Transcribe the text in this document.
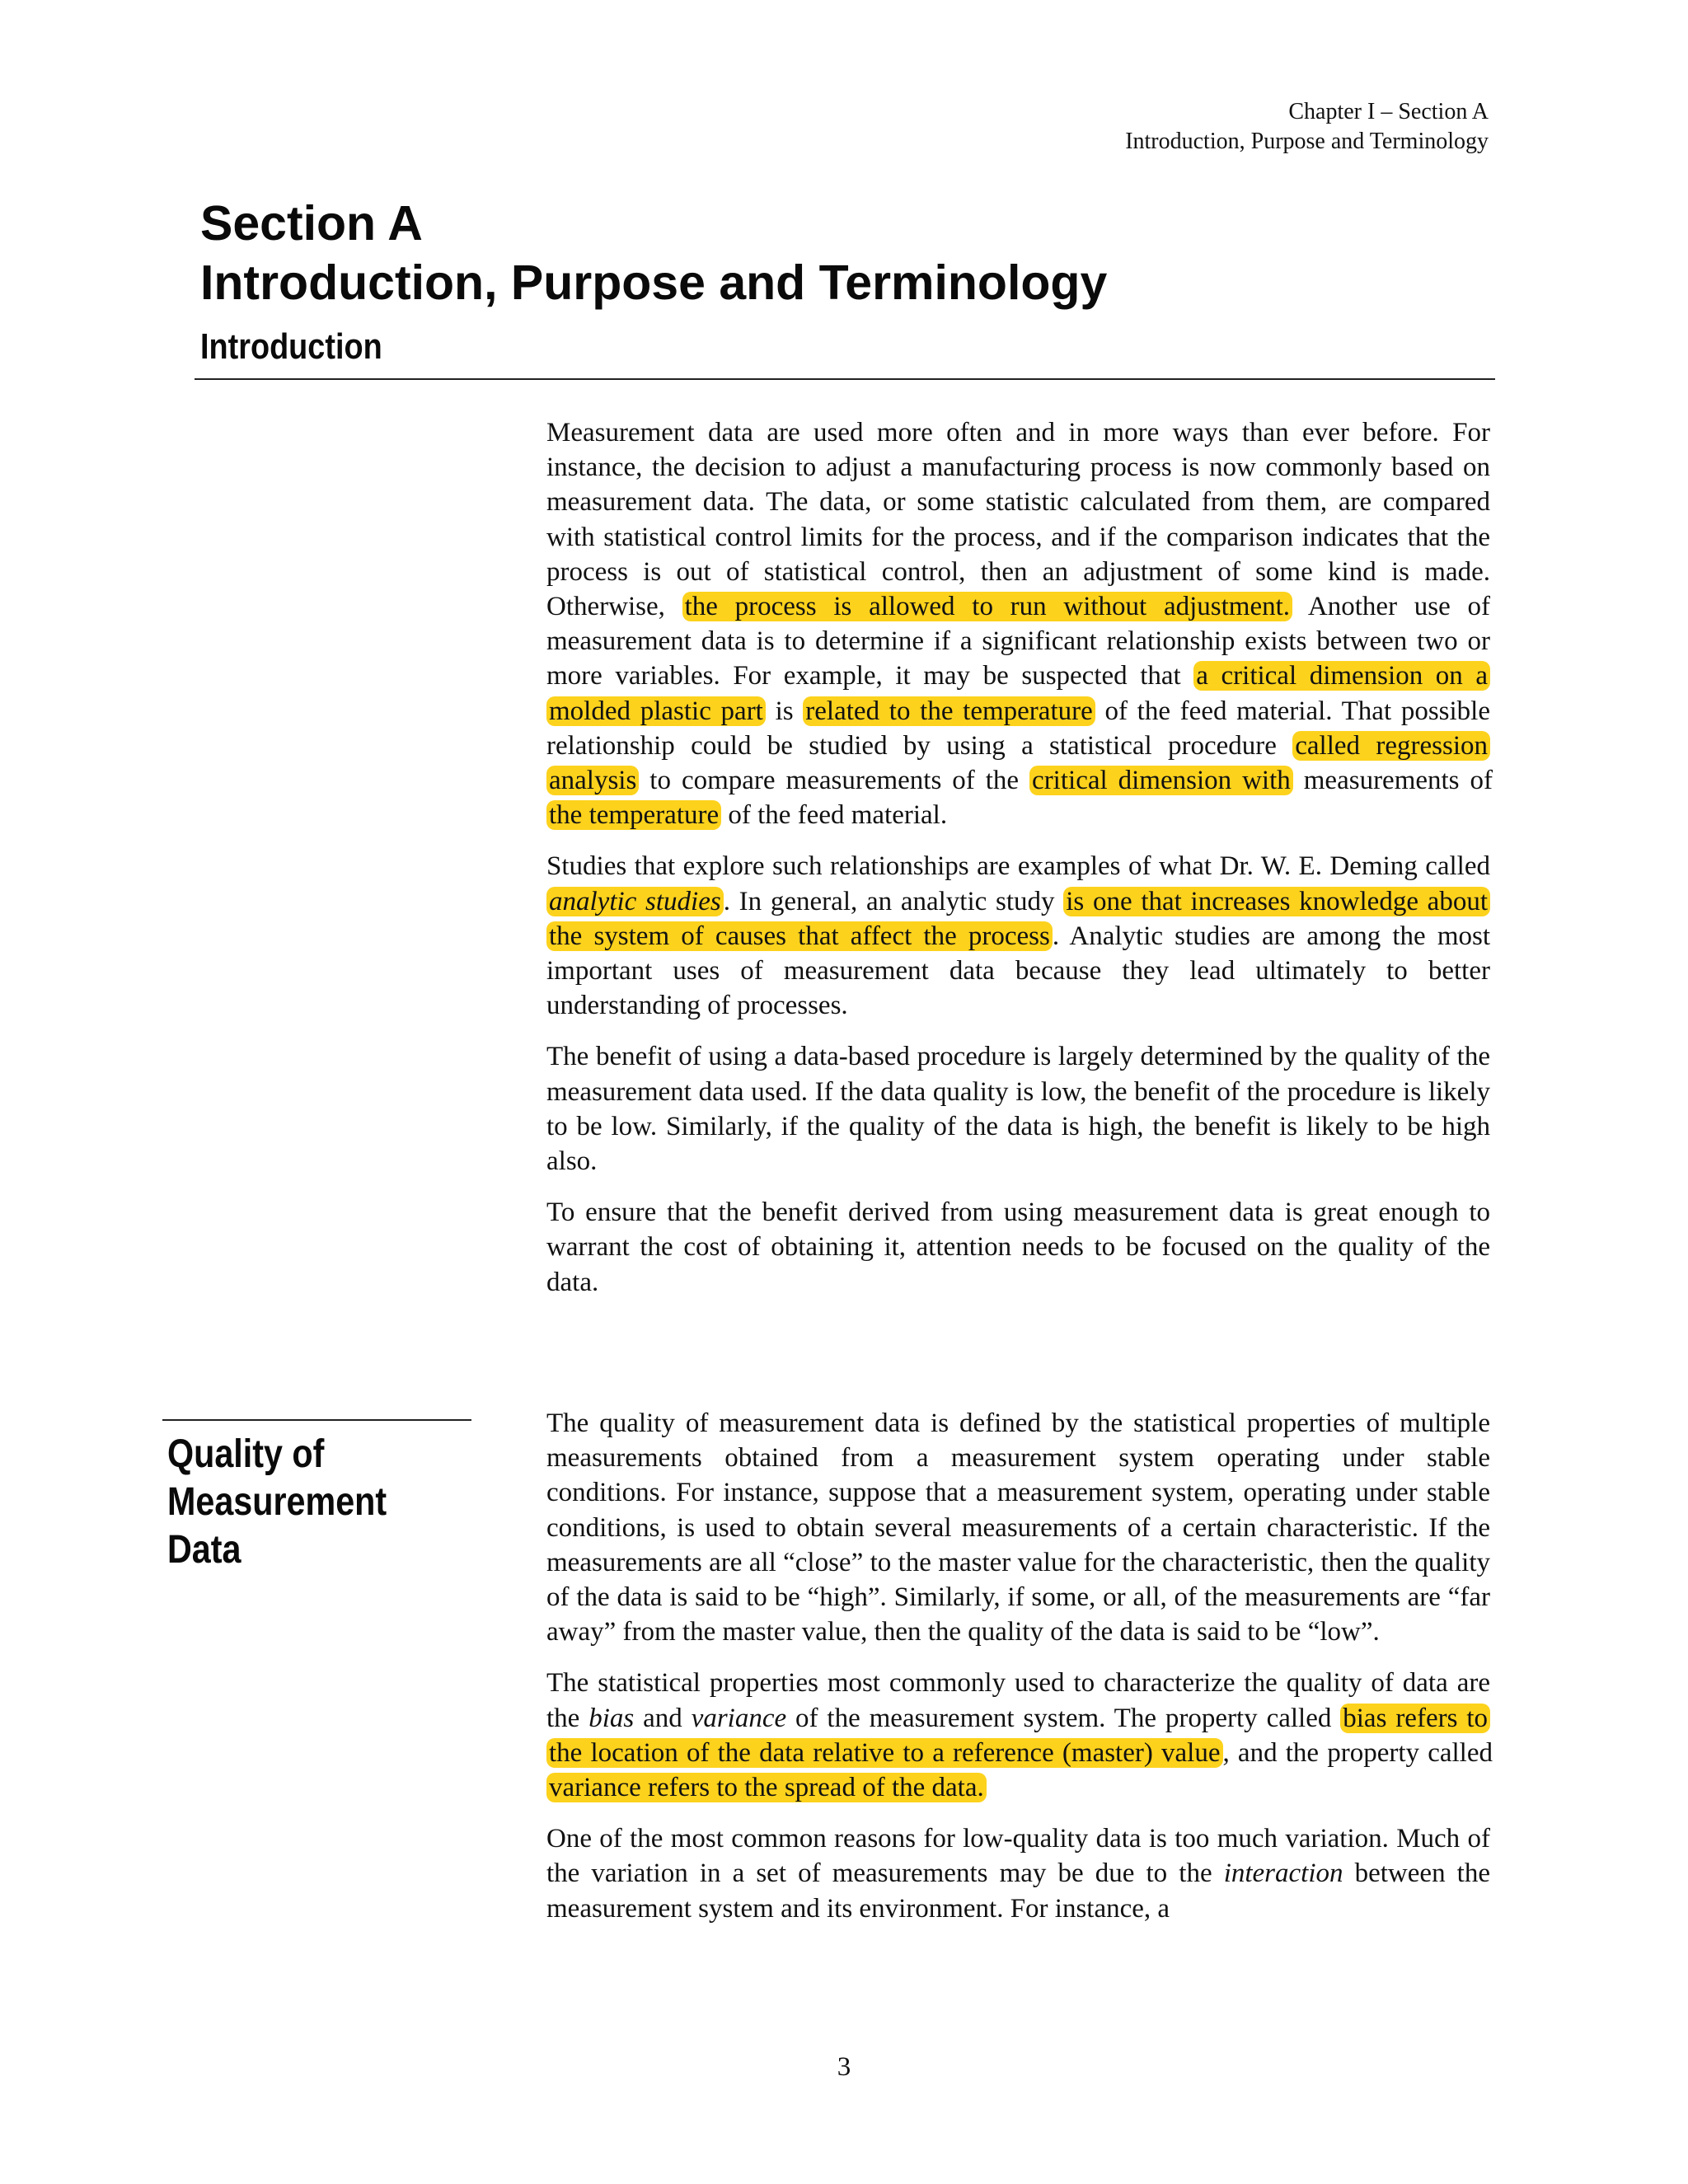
Chapter I – Section A
Introduction, Purpose and Terminology
Section A
Introduction, Purpose and Terminology
Introduction

Measurement data are used more often and in more ways than ever before. For instance, the decision to adjust a manufacturing process is now commonly based on measurement data. The data, or some statistic calculated from them, are compared with statistical control limits for the process, and if the comparison indicates that the process is out of statistical control, then an adjustment of some kind is made. Otherwise, the process is allowed to run without adjustment. Another use of measurement data is to determine if a significant relationship exists between two or more variables. For example, it may be suspected that a critical dimension on a molded plastic part is related to the temperature of the feed material. That possible relationship could be studied by using a statistical procedure called regression analysis to compare measurements of the critical dimension with measurements of the temperature of the feed material.

Studies that explore such relationships are examples of what Dr. W. E. Deming called analytic studies. In general, an analytic study is one that increases knowledge about the system of causes that affect the process. Analytic studies are among the most important uses of measurement data because they lead ultimately to better understanding of processes.

The benefit of using a data-based procedure is largely determined by the quality of the measurement data used. If the data quality is low, the benefit of the procedure is likely to be low. Similarly, if the quality of the data is high, the benefit is likely to be high also.

To ensure that the benefit derived from using measurement data is great enough to warrant the cost of obtaining it, attention needs to be focused on the quality of the data.

Quality of
Measurement
Data

The quality of measurement data is defined by the statistical properties of multiple measurements obtained from a measurement system operating under stable conditions. For instance, suppose that a measurement system, operating under stable conditions, is used to obtain several measurements of a certain characteristic. If the measurements are all “close” to the master value for the characteristic, then the quality of the data is said to be “high”. Similarly, if some, or all, of the measurements are “far away” from the master value, then the quality of the data is said to be “low”.

The statistical properties most commonly used to characterize the quality of data are the bias and variance of the measurement system. The property called bias refers to the location of the data relative to a reference (master) value, and the property called variance refers to the spread of the data.

One of the most common reasons for low-quality data is too much variation. Much of the variation in a set of measurements may be due to the interaction between the measurement system and its environment. For instance, a

3
